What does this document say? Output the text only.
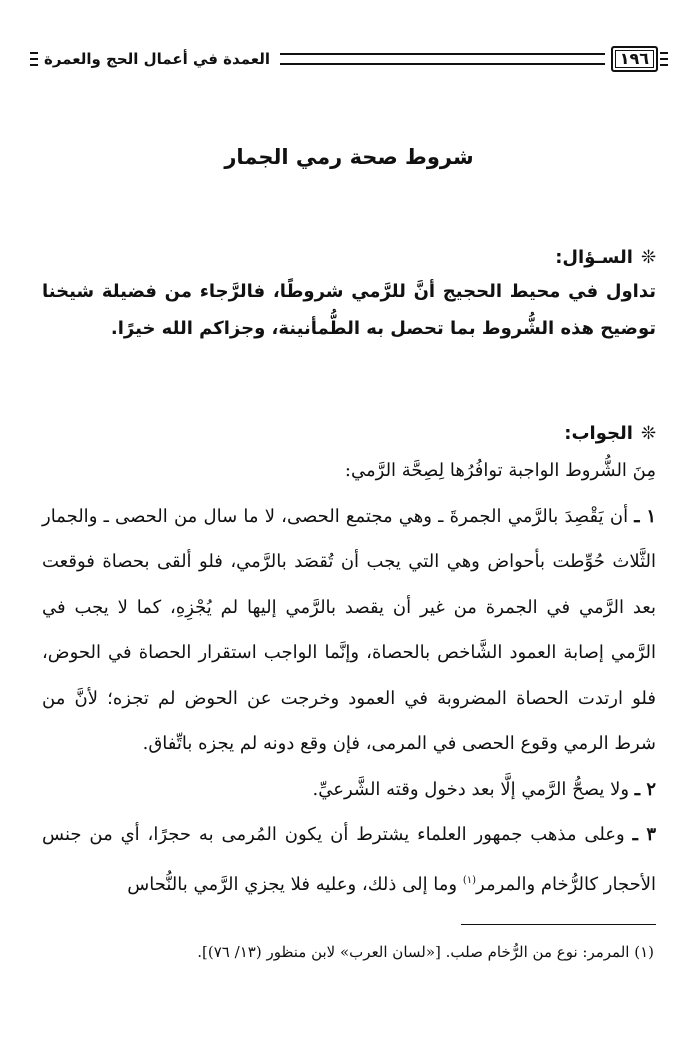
١٩٦
العمدة في أعمال الحج والعمرة
شروط صحة رمي الجمار
❊السـؤال:
تداول في محيط الحجيج أنَّ للرَّمي شروطًا، فالرَّجاء من فضيلة شيخنا توضيح هذه الشُّروط بما تحصل به الطُّمأنينة، وجزاكم الله خيرًا.
❊الجواب:

مِنَ الشُّروط الواجبة توافُرُها لِصِحَّة الرَّمي:

١ ـ أن يَقْصِدَ بالرَّمي الجمرةَ ـ وهي مجتمع الحصى، لا ما سال من الحصى ـ والجمار الثَّلاث حُوِّطت بأحواض وهي التي يجب أن تُقصَد بالرَّمي، فلو ألقى بحصاة فوقعت بعد الرَّمي في الجمرة من غير أن يقصد بالرَّمي إليها لم يُجْزِهِ، كما لا يجب في الرَّمي إصابة العمود الشَّاخص بالحصاة، وإنَّما الواجب استقرار الحصاة في الحوض، فلو ارتدت الحصاة المضروبة في العمود وخرجت عن الحوض لم تجزه؛ لأنَّ من شرط الرمي وقوع الحصى في المرمى، فإن وقع دونه لم يجزه باتِّفاق.

٢ ـ ولا يصحُّ الرَّمي إلَّا بعد دخول وقته الشَّرعيِّ.

٣ ـ وعلى مذهب جمهور العلماء يشترط أن يكون المُرمى به حجرًا، أي من جنس الأحجار كالرُّخام والمرمر$^{(١)}$ وما إلى ذلك، وعليه فلا يجزي الرَّمي بالنُّحاس

(١) المرمر: نوع من الرُّخام صلب. [«لسان العرب» لابن منظور (١٣/ ٧٦)].
